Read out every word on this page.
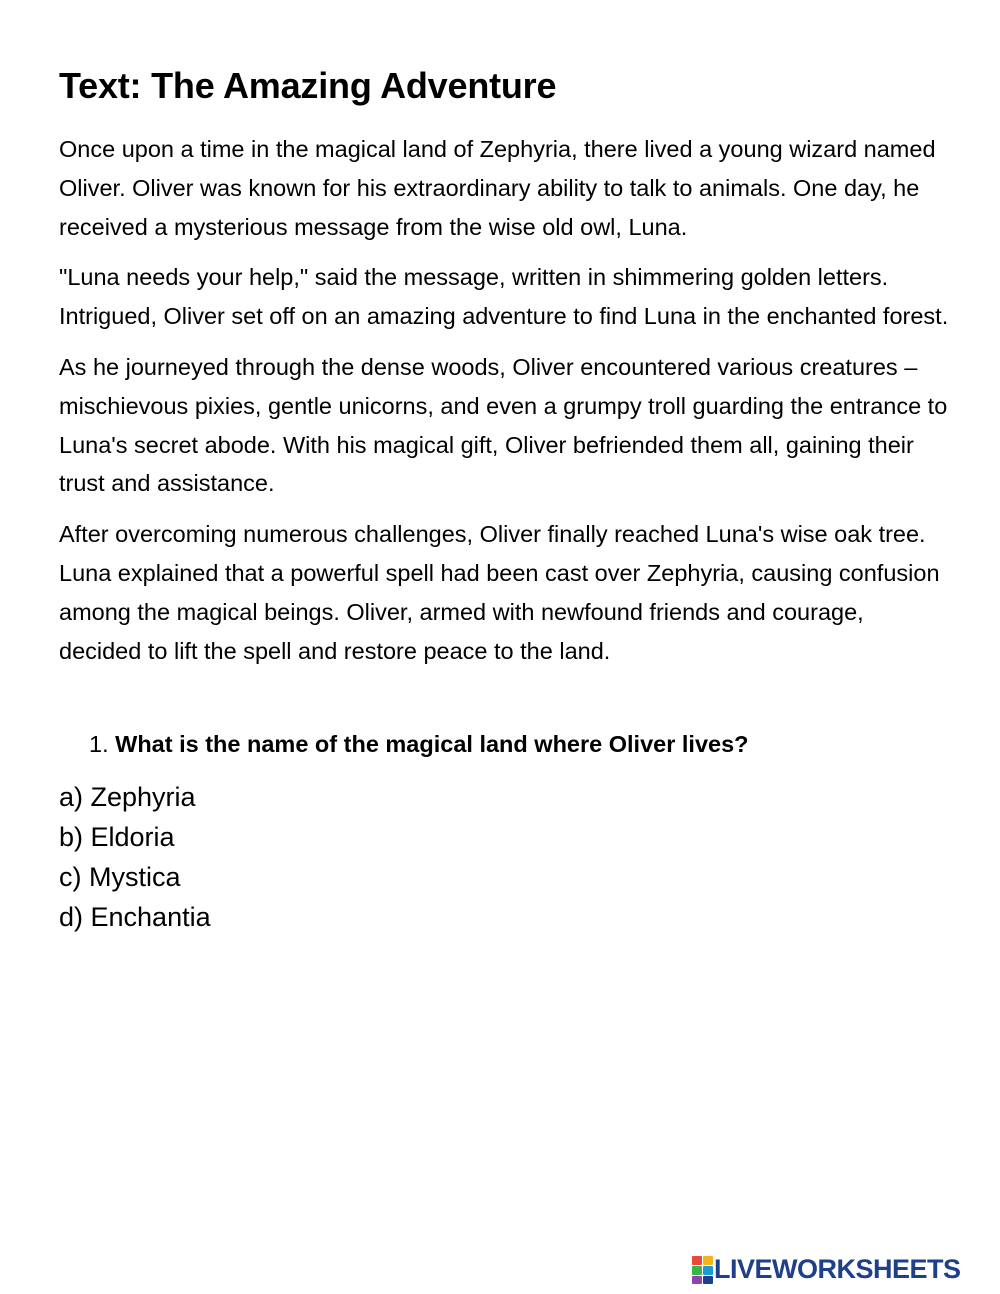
Text: The Amazing Adventure

Once upon a time in the magical land of Zephyria, there lived a young wizard named Oliver. Oliver was known for his extraordinary ability to talk to animals. One day, he received a mysterious message from the wise old owl, Luna.

"Luna needs your help," said the message, written in shimmering golden letters. Intrigued, Oliver set off on an amazing adventure to find Luna in the enchanted forest.

As he journeyed through the dense woods, Oliver encountered various creatures – mischievous pixies, gentle unicorns, and even a grumpy troll guarding the entrance to Luna's secret abode. With his magical gift, Oliver befriended them all, gaining their trust and assistance.

After overcoming numerous challenges, Oliver finally reached Luna's wise oak tree. Luna explained that a powerful spell had been cast over Zephyria, causing confusion among the magical beings. Oliver, armed with newfound friends and courage, decided to lift the spell and restore peace to the land.

1. What is the name of the magical land where Oliver lives?
a) Zephyria
b) Eldoria
c) Mystica
d) Enchantia
LIVEWORKSHEETS
